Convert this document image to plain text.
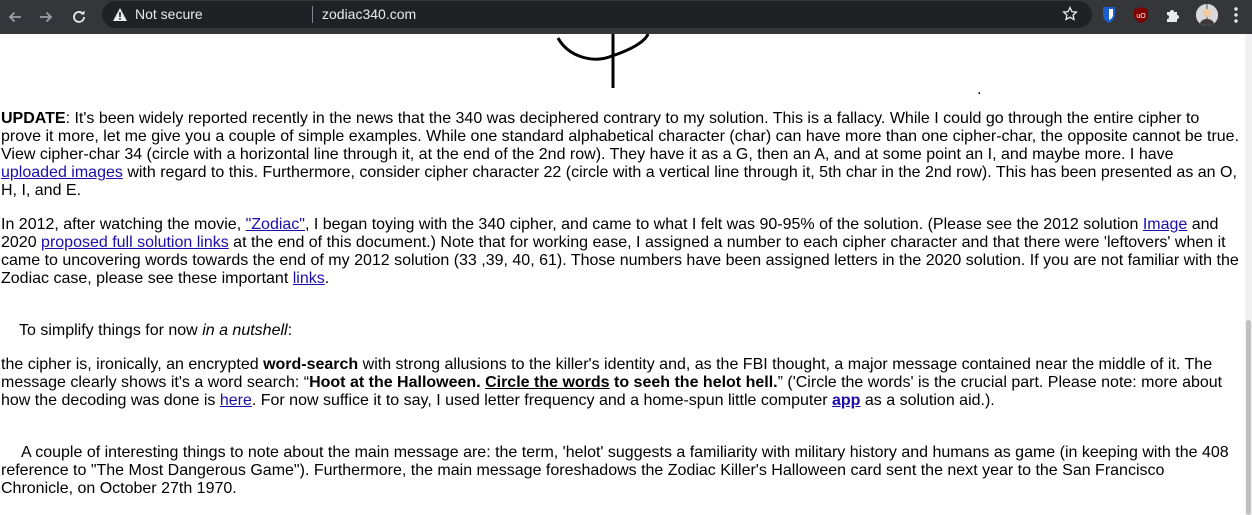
Not secure	zodiac340.com	uO
.

UPDATE: It's been widely reported recently in the news that the 340 was deciphered contrary to my solution. This is a fallacy. While I could go through the entire cipher to prove it more, let me give you a couple of simple examples. While one standard alphabetical character (char) can have more than one cipher-char, the opposite cannot be true. View cipher-char 34 (circle with a horizontal line through it, at the end of the 2nd row). They have it as a G, then an A, and at some point an I, and maybe more. I have uploaded images with regard to this. Furthermore, consider cipher character 22 (circle with a vertical line through it, 5th char in the 2nd row). This has been presented as an O, H, I, and E.

In 2012, after watching the movie, "Zodiac", I began toying with the 340 cipher, and came to what I felt was 90-95% of the solution. (Please see the 2012 solution Image and 2020 proposed full solution links at the end of this document.) Note that for working ease, I assigned a number to each cipher character and that there were 'leftovers' when it came to uncovering words towards the end of my 2012 solution (33 ,39, 40, 61). Those numbers have been assigned letters in the 2020 solution. If you are not familiar with the Zodiac case, please see these important links.

To simplify things for now in a nutshell:

the cipher is, ironically, an encrypted word-search with strong allusions to the killer's identity and, as the FBI thought, a major message contained near the middle of it. The message clearly shows it's a word search: “Hoot at the Halloween. Circle the words to seeh the helot hell.” ('Circle the words' is the crucial part. Please note: more about how the decoding was done is here. For now suffice it to say, I used letter frequency and a home-spun little computer app as a solution aid.).

A couple of interesting things to note about the main message are: the term, 'helot' suggests a familiarity with military history and humans as game (in keeping with the 408 reference to "The Most Dangerous Game"). Furthermore, the main message foreshadows the Zodiac Killer's Halloween card sent the next year to the San Francisco Chronicle, on October 27th 1970.
